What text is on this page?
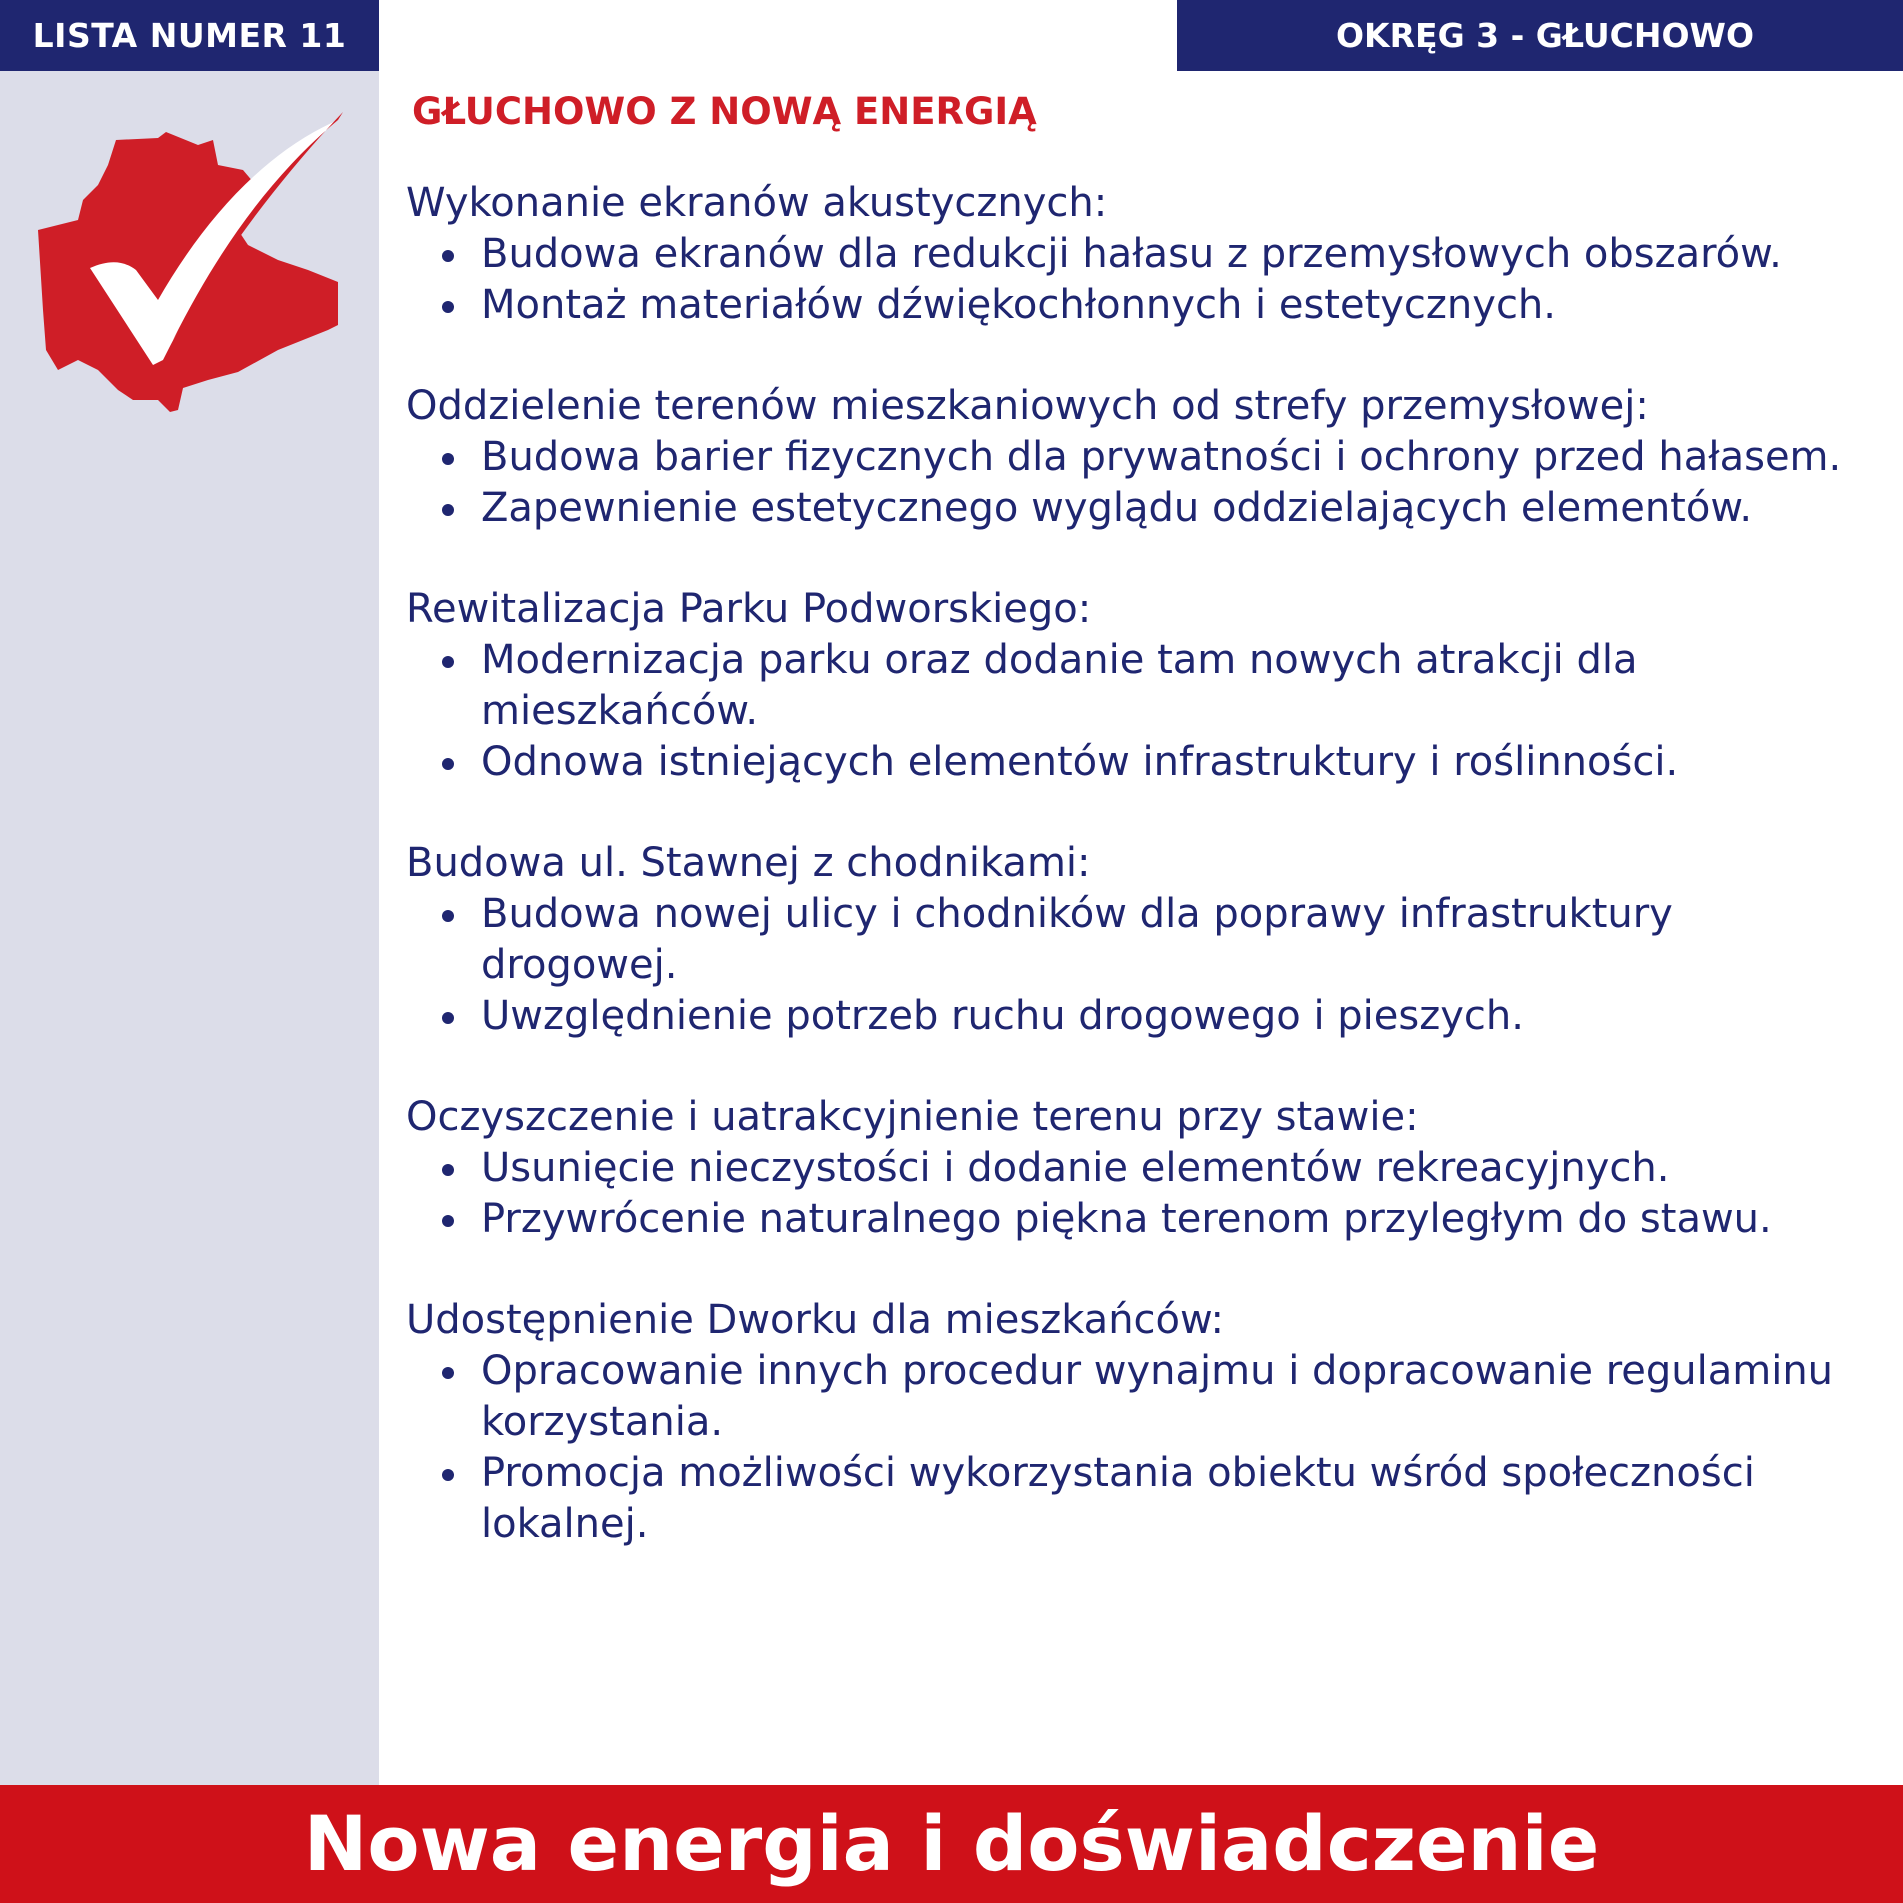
LISTA NUMER 11	OKRĘG 3 - GŁUCHOWO
GŁUCHOWO Z NOWĄ ENERGIĄ
Wykonanie ekranów akustycznych:
Budowa ekranów dla redukcji hałasu z przemysłowych obszarów.
Montaż materiałów dźwiękochłonnych i estetycznych.
Oddzielenie terenów mieszkaniowych od strefy przemysłowej:
Budowa barier fizycznych dla prywatności i ochrony przed hałasem.
Zapewnienie estetycznego wyglądu oddzielających elementów.
Rewitalizacja Parku Podworskiego:
Modernizacja parku oraz dodanie tam nowych atrakcji dla mieszkańców.
Odnowa istniejących elementów infrastruktury i roślinności.
Budowa ul. Stawnej z chodnikami:
Budowa nowej ulicy i chodników dla poprawy infrastruktury drogowej.
Uwzględnienie potrzeb ruchu drogowego i pieszych.
Oczyszczenie i uatrakcyjnienie terenu przy stawie:
Usunięcie nieczystości i dodanie elementów rekreacyjnych.
Przywrócenie naturalnego piękna terenom przyległym do stawu.
Udostępnienie Dworku dla mieszkańców:
Opracowanie innych procedur wynajmu i dopracowanie regulaminu korzystania.
Promocja możliwości wykorzystania obiektu wśród społeczności lokalnej.
Nowa energia i doświadczenie
